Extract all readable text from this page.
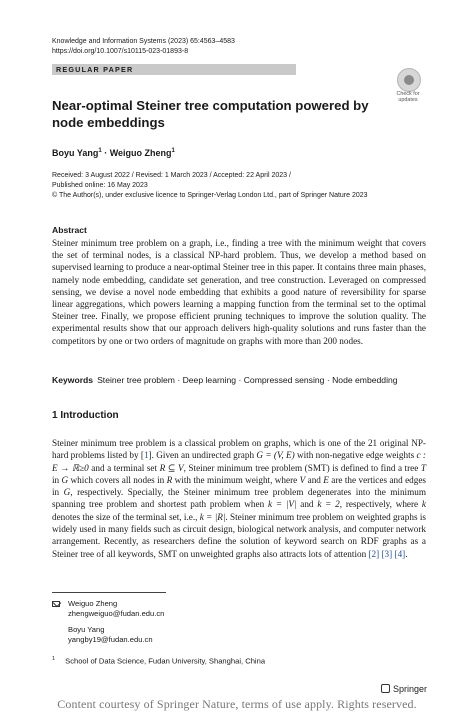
Knowledge and Information Systems (2023) 65:4563–4583
https://doi.org/10.1007/s10115-023-01893-8
REGULAR PAPER
Check for
updates
Near-optimal Steiner tree computation powered by node embeddings
Boyu Yang$^1$ · Weiguo Zheng$^1$
Received: 3 August 2022 / Revised: 1 March 2023 / Accepted: 22 April 2023 /
Published online: 16 May 2023
© The Author(s), under exclusive licence to Springer-Verlag London Ltd., part of Springer Nature 2023
Abstract
Steiner minimum tree problem on a graph, i.e., finding a tree with the minimum weight that covers the set of terminal nodes, is a classical NP-hard problem. Thus, we develop a method based on supervised learning to produce a near-optimal Steiner tree in this paper. It contains three main phases, namely node embedding, candidate set generation, and tree construction. Leveraged on compressed sensing, we devise a novel node embedding that exhibits a good nature of reversibility for sparse linear aggregations, which powers learning a mapping function from the terminal set to the optimal Steiner tree. Finally, we propose efficient pruning techniques to improve the solution quality. The experimental results show that our approach delivers high-quality solutions and runs faster than the competitors by one or two orders of magnitude on graphs with more than 200 nodes.
Keywords Steiner tree problem · Deep learning · Compressed sensing · Node embedding
1 Introduction
Steiner minimum tree problem is a classical problem on graphs, which is one of the 21 original NP-hard problems listed by [1]. Given an undirected graph G = (V, E) with non-negative edge weights c : E → ℝ≥0 and a terminal set R ⊆ V, Steiner minimum tree problem (SMT) is defined to find a tree T in G which covers all nodes in R with the minimum weight, where V and E are the vertices and edges in G, respectively. Specially, the Steiner minimum tree problem degenerates into the minimum spanning tree problem and shortest path problem when k = |V| and k = 2, respectively, where k denotes the size of the terminal set, i.e., k = |R|. Steiner minimum tree problem on weighted graphs is widely used in many fields such as circuit design, biological network analysis, and computer network arrangement. Recently, as researchers define the solution of keyword search on RDF graphs as a Steiner tree of all keywords, SMT on unweighted graphs also attracts lots of attention [2] [3] [4].
Weiguo Zheng
zhengweiguo@fudan.edu.cn
Boyu Yang
yangby19@fudan.edu.cn
$^1$ School of Data Science, Fudan University, Shanghai, China
Springer
Content courtesy of Springer Nature, terms of use apply. Rights reserved.
